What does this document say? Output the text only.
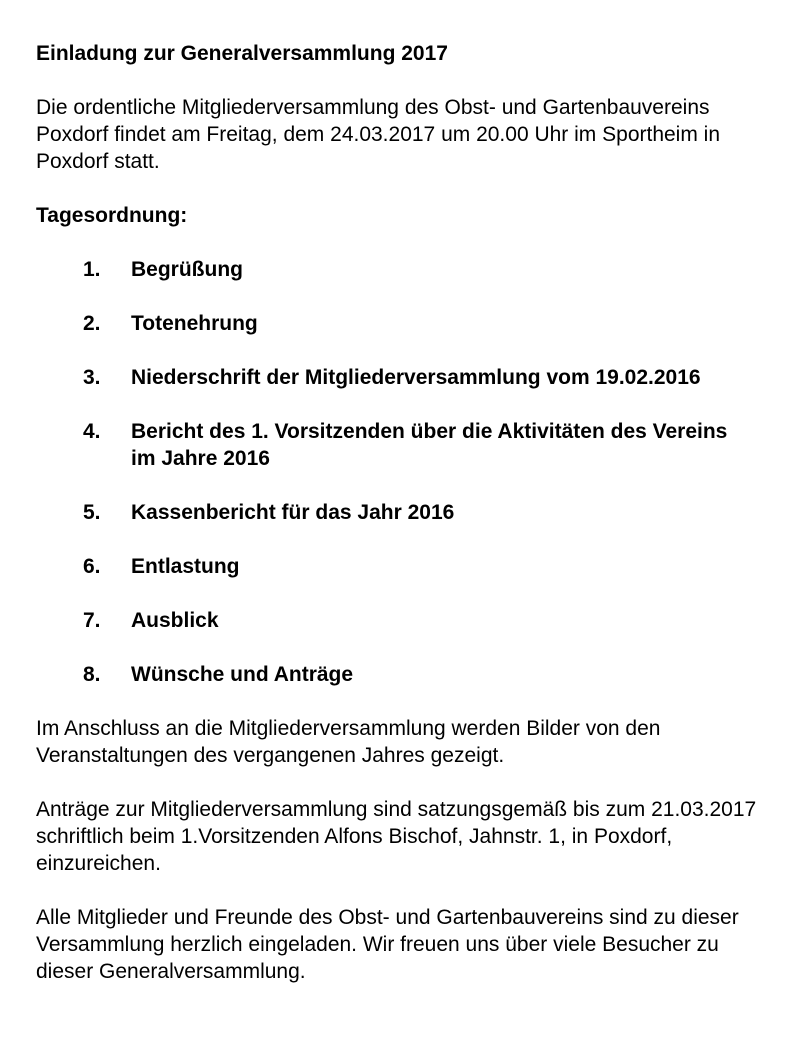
Einladung zur Generalversammlung 2017
Die ordentliche Mitgliederversammlung des Obst- und Gartenbauvereins Poxdorf findet am Freitag, dem 24.03.2017 um 20.00 Uhr im Sportheim in Poxdorf statt.
Tagesordnung:
1.	Begrüßung
2.	Totenehrung
3.	Niederschrift der Mitgliederversammlung vom 19.02.2016
4.	Bericht des 1. Vorsitzenden über die Aktivitäten des Vereins im Jahre 2016
5.	Kassenbericht für das Jahr 2016
6.	Entlastung
7.	Ausblick
8.	Wünsche und Anträge
Im Anschluss an die Mitgliederversammlung werden Bilder von den Veranstaltungen des vergangenen Jahres gezeigt.
Anträge zur Mitgliederversammlung sind satzungsgemäß bis zum 21.03.2017 schriftlich beim 1.Vorsitzenden Alfons Bischof, Jahnstr. 1, in Poxdorf, einzureichen.
Alle Mitglieder und Freunde des Obst- und Gartenbauvereins sind zu dieser Versammlung herzlich eingeladen. Wir freuen uns über viele Besucher zu dieser Generalversammlung.
